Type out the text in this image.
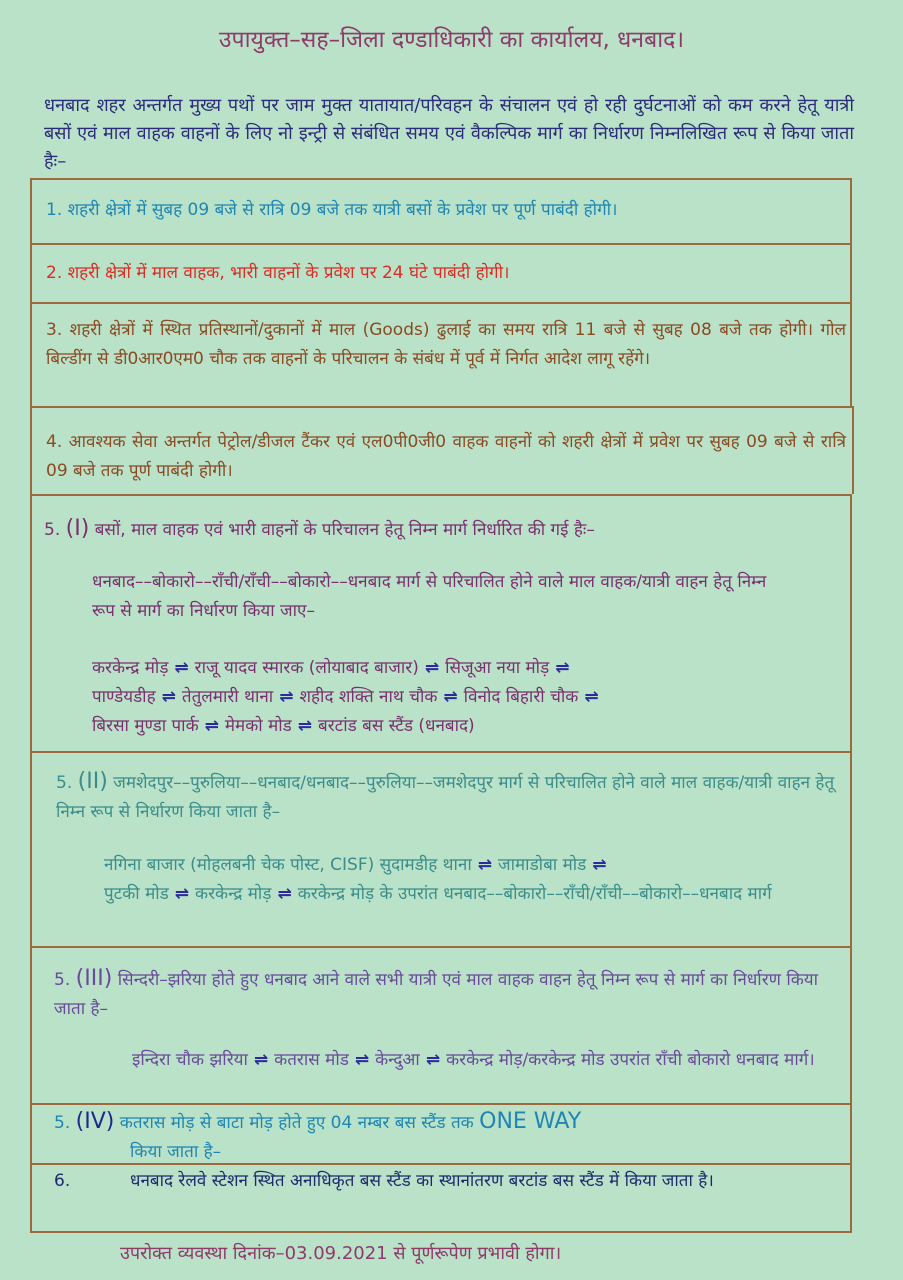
उपायुक्त–सह–जिला दण्डाधिकारी का कार्यालय, धनबाद।
धनबाद शहर अन्तर्गत मुख्य पथों पर जाम मुक्त यातायात/परिवहन के संचालन एवं हो रही दुर्घटनाओं को कम करने हेतू यात्री बसों एवं माल वाहक वाहनों के लिए नो इन्ट्री से संबंधित समय एवं वैकल्पिक मार्ग का निर्धारण निम्नलिखित रूप से किया जाता हैः–
1. शहरी क्षेत्रों में सुबह 09 बजे से रात्रि 09 बजे तक यात्री बसों के प्रवेश पर पूर्ण पाबंदी होगी।
2. शहरी क्षेत्रों में माल वाहक, भारी वाहनों के प्रवेश पर 24 घंटे पाबंदी होगी।
3. शहरी क्षेत्रों में स्थित प्रतिस्थानों/दुकानों में माल (Goods) ढुलाई का समय रात्रि 11 बजे से सुबह 08 बजे तक होगी। गोल बिल्डींग से डी0आर0एम0 चौक तक वाहनों के परिचालन के संबंध में पूर्व में निर्गत आदेश लागू रहेंगे।
4. आवश्यक सेवा अन्तर्गत पेट्रोल/डीजल टैंकर एवं एल0पी0जी0 वाहक वाहनों को शहरी क्षेत्रों में प्रवेश पर सुबह 09 बजे से रात्रि 09 बजे तक पूर्ण पाबंदी होगी।
5. (I) बसों, माल वाहक एवं भारी वाहनों के परिचालन हेतू निम्न मार्ग निर्धारित की गई हैः–
धनबाद––बोकारो––राँची/राँची––बोकारो––धनबाद मार्ग से परिचालित होने वाले माल वाहक/यात्री वाहन हेतू निम्न रूप से मार्ग का निर्धारण किया जाए–
करकेन्द्र मोड़ ⇌ राजू यादव स्मारक (लोयाबाद बाजार) ⇌ सिजूआ नया मोड़ ⇌
पाण्डेयडीह ⇌ तेतुलमारी थाना ⇌ शहीद शक्ति नाथ चौक ⇌ विनोद बिहारी चौक ⇌
बिरसा मुण्डा पार्क ⇌ मेमको मोड ⇌ बरटांड बस स्टैंड (धनबाद)
5. (II) जमशेदपुर––पुरुलिया––धनबाद/धनबाद––पुरुलिया––जमशेदपुर मार्ग से परिचालित होने वाले माल वाहक/यात्री वाहन हेतू निम्न रूप से निर्धारण किया जाता है–
नगिना बाजार (मोहलबनी चेक पोस्ट, CISF) सुदामडीह थाना ⇌ जामाडोबा मोड ⇌
पुटकी मोड ⇌ करकेन्द्र मोड़ ⇌ करकेन्द्र मोड़ के उपरांत धनबाद––बोकारो––राँची/राँची––बोकारो––धनबाद मार्ग
5. (III) सिन्दरी–झरिया होते हुए धनबाद आने वाले सभी यात्री एवं माल वाहक वाहन हेतू निम्न रूप से मार्ग का निर्धारण किया जाता है–
इन्दिरा चौक झरिया ⇌ कतरास मोड ⇌ केन्दुआ ⇌ करकेन्द्र मोड़/करकेन्द्र मोड उपरांत राँची बोकारो धनबाद मार्ग।
5. (IV) कतरास मोड़ से बाटा मोड़ होते हुए 04 नम्बर बस स्टैंड तक ONE WAY
किया जाता है–
6.	धनबाद रेलवे स्टेशन स्थित अनाधिकृत बस स्टैंड का स्थानांतरण बरटांड बस स्टैंड में किया जाता है।
उपरोक्त व्यवस्था दिनांक–03.09.2021 से पूर्णरूपेण प्रभावी होगा।
